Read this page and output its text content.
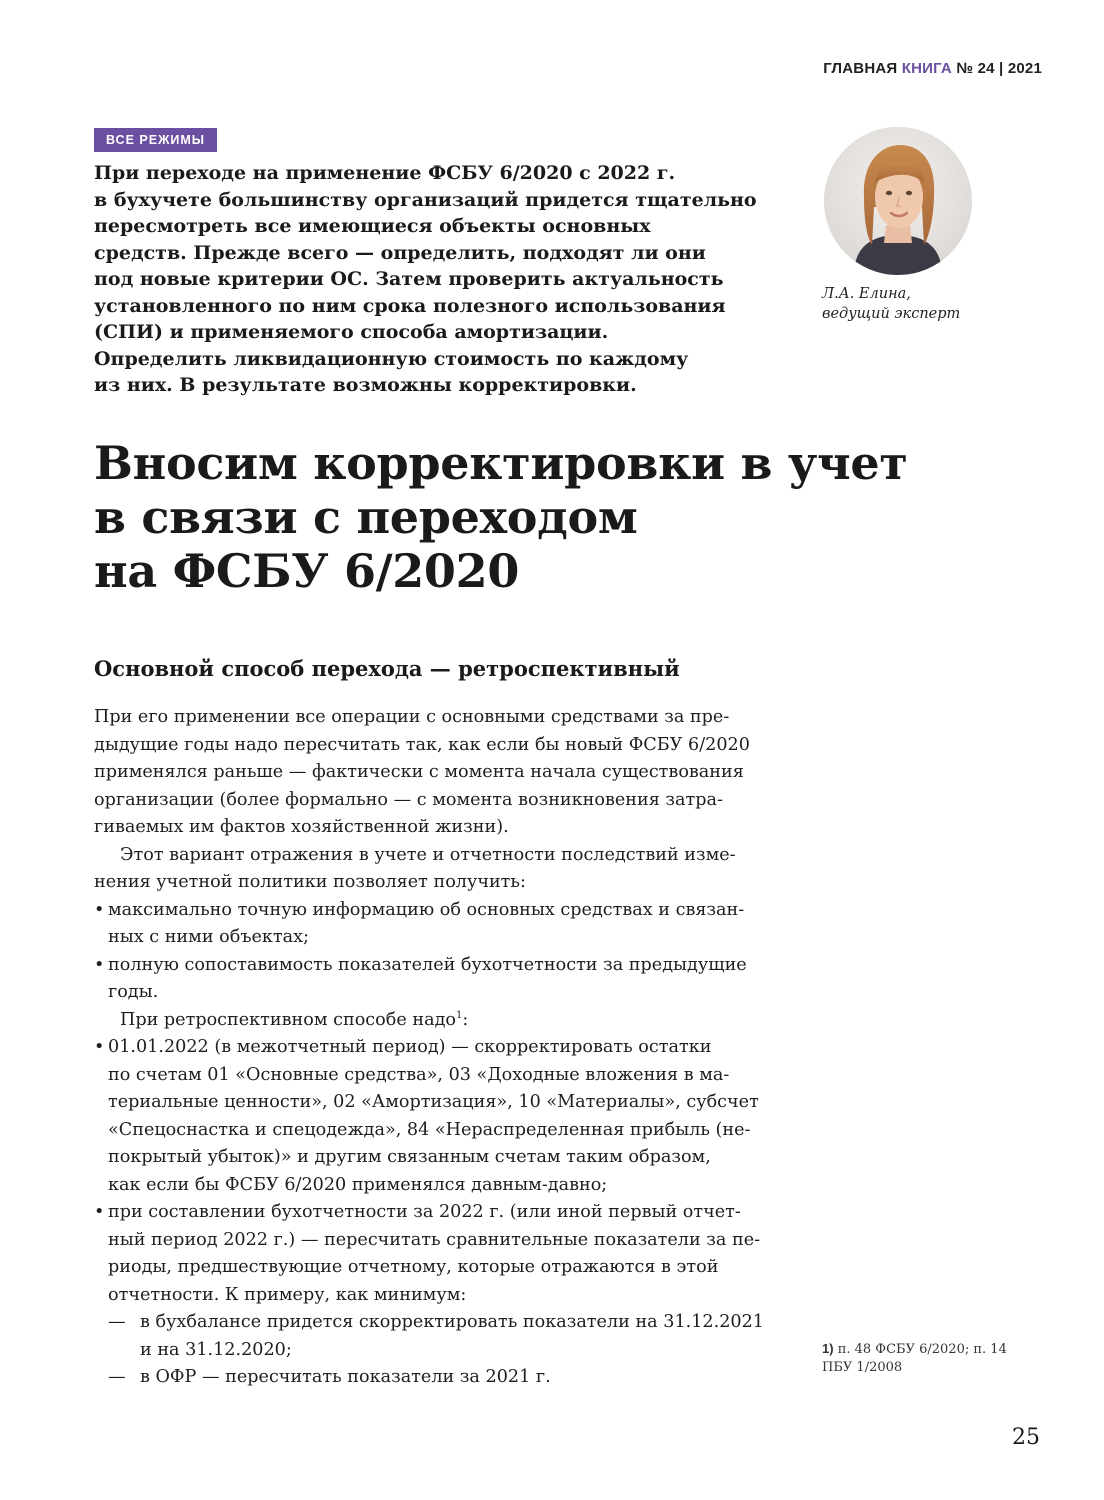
ГЛАВНАЯ КНИГА № 24 | 2021
ВСЕ РЕЖИМЫ
При переходе на применение ФСБУ 6/2020 с 2022 г.
в бухучете большинству организаций придется тщательно
пересмотреть все имеющиеся объекты основных
средств. Прежде всего — определить, подходят ли они
под новые критерии ОС. Затем проверить актуальность
установленного по ним срока полезного использования
(СПИ) и применяемого способа амортизации.
Определить ликвидационную стоимость по каждому
из них. В результате возможны корректировки.
Л.А. Елина,
ведущий эксперт
Вносим корректировки в учет
в связи с переходом
на ФСБУ 6/2020
Основной способ перехода — ретроспективный
При его применении все операции с основными средствами за пре-
дыдущие годы надо пересчитать так, как если бы новый ФСБУ 6/2020
применялся раньше — фактически с момента начала существования
организации (более формально — с момента возникновения затра-
гиваемых им фактов хозяйственной жизни).
Этот вариант отражения в учете и отчетности последствий изме-
нения учетной политики позволяет получить:
• максимально точную информацию об основных средствах и связан-
ных с ними объектах;
• полную сопоставимость показателей бухотчетности за предыдущие
годы.
При ретроспективном способе надо$^1$:
• 01.01.2022 (в межотчетный период) — скорректировать остатки
по счетам 01 «Основные средства», 03 «Доходные вложения в ма-
териальные ценности», 02 «Амортизация», 10 «Материалы», субсчет
«Спецоснастка и спецодежда», 84 «Нераспределенная прибыль (не-
покрытый убыток)» и другим связанным счетам таким образом,
как если бы ФСБУ 6/2020 применялся давным-давно;
• при составлении бухотчетности за 2022 г. (или иной первый отчет-
ный период 2022 г.) — пересчитать сравнительные показатели за пе-
риоды, предшествующие отчетному, которые отражаются в этой
отчетности. К примеру, как минимум:
— в бухбалансе придется скорректировать показатели на 31.12.2021
и на 31.12.2020;
— в ОФР — пересчитать показатели за 2021 г.
1) п. 48 ФСБУ 6/2020; п. 14
ПБУ 1/2008
25
